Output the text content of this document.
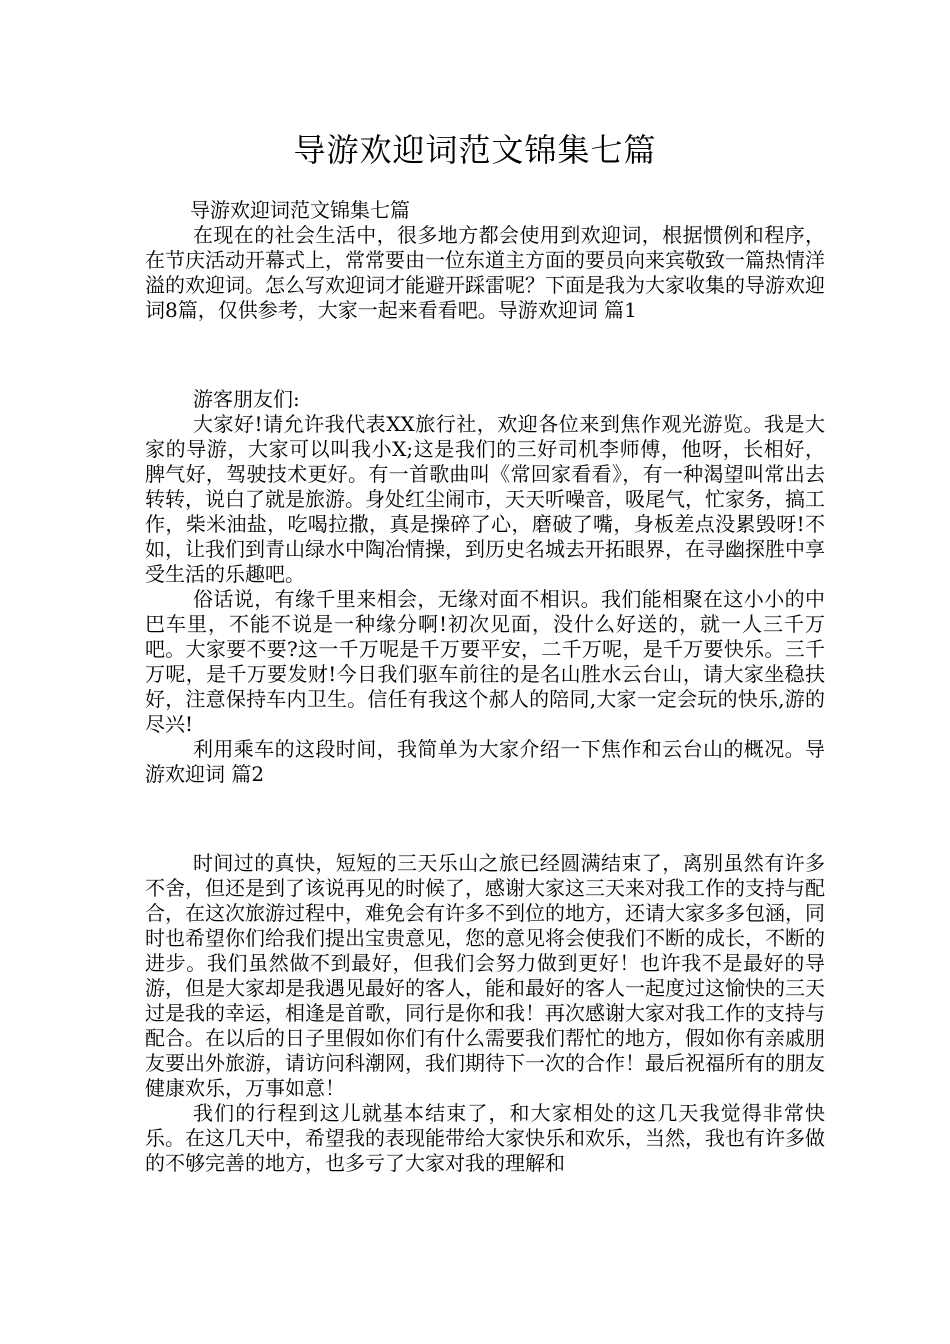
导游欢迎词范文锦集七篇

导游欢迎词范文锦集七篇

在现在的社会生活中，很多地方都会使用到欢迎词，根据惯例和程序，在节庆活动开幕式上，常常要由一位东道主方面的要员向来宾敬致一篇热情洋溢的欢迎词。怎么写欢迎词才能避开踩雷呢？下面是我为大家收集的导游欢迎词8篇，仅供参考，大家一起来看看吧。导游欢迎词 篇1

游客朋友们:

大家好!请允许我代表XX旅行社，欢迎各位来到焦作观光游览。我是大家的导游，大家可以叫我小X;这是我们的三好司机李师傅，他呀，长相好，脾气好，驾驶技术更好。有一首歌曲叫《常回家看看》，有一种渴望叫常出去转转，说白了就是旅游。身处红尘闹市，天天听噪音，吸尾气，忙家务，搞工作，柴米油盐，吃喝拉撒，真是操碎了心，磨破了嘴，身板差点没累毁呀!不如，让我们到青山绿水中陶冶情操，到历史名城去开拓眼界，在寻幽探胜中享受生活的乐趣吧。

俗话说，有缘千里来相会，无缘对面不相识。我们能相聚在这小小的中巴车里，不能不说是一种缘分啊!初次见面，没什么好送的，就一人三千万吧。大家要不要?这一千万呢是千万要平安，二千万呢，是千万要快乐。三千万呢，是千万要发财!今日我们驱车前往的是名山胜水云台山，请大家坐稳扶好，注意保持车内卫生。信任有我这个郝人的陪同,大家一定会玩的快乐,游的尽兴!

利用乘车的这段时间，我简单为大家介绍一下焦作和云台山的概况。导游欢迎词 篇2

时间过的真快，短短的三天乐山之旅已经圆满结束了，离别虽然有许多不舍，但还是到了该说再见的时候了，感谢大家这三天来对我工作的支持与配合，在这次旅游过程中，难免会有许多不到位的地方，还请大家多多包涵，同时也希望你们给我们提出宝贵意见，您的意见将会使我们不断的成长，不断的进步。我们虽然做不到最好，但我们会努力做到更好！也许我不是最好的导游，但是大家却是我遇见最好的客人，能和最好的客人一起度过这愉快的三天过是我的幸运，相逢是首歌，同行是你和我！再次感谢大家对我工作的支持与配合。在以后的日子里假如你们有什么需要我们帮忙的地方，假如你有亲戚朋友要出外旅游，请访问科潮网，我们期待下一次的合作！最后祝福所有的朋友健康欢乐，万事如意！

我们的行程到这儿就基本结束了，和大家相处的这几天我觉得非常快乐。在这几天中，希望我的表现能带给大家快乐和欢乐，当然，我也有许多做的不够完善的地方，也多亏了大家对我的理解和
